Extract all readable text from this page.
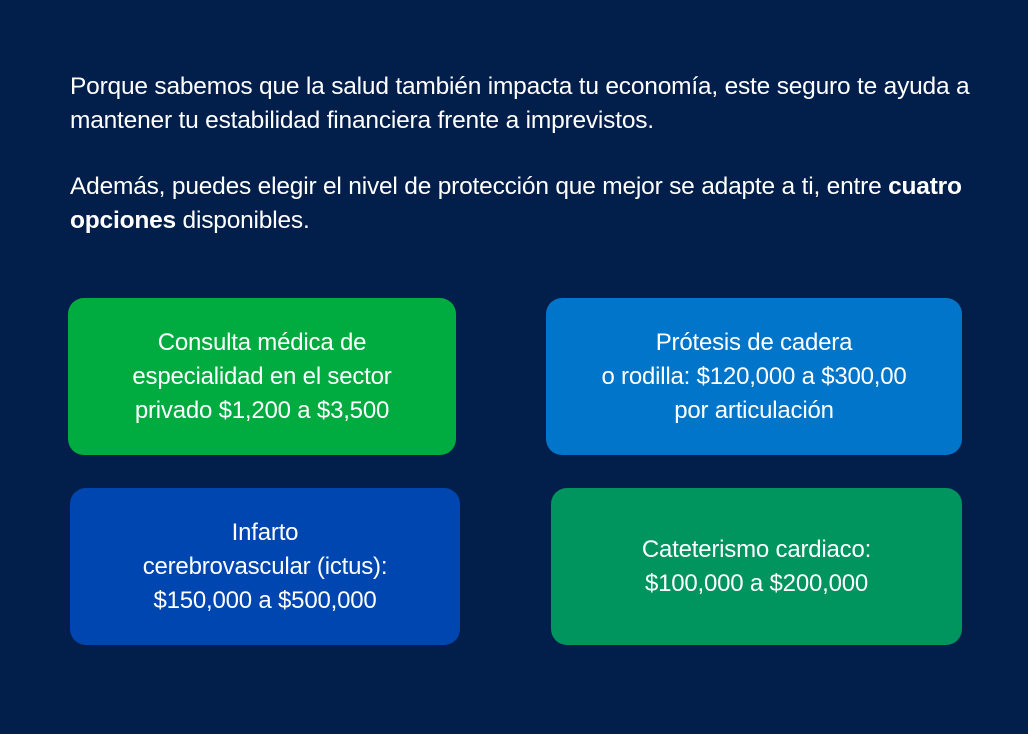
Porque sabemos que la salud también impacta tu economía, este seguro te ayuda a mantener tu estabilidad financiera frente a imprevistos.

Además, puedes elegir el nivel de protección que mejor se adapte a ti, entre cuatro opciones disponibles.

Consulta médica de
especialidad en el sector
privado $1,200 a $3,500
Prótesis de cadera
o rodilla: $120,000 a $300,00
por articulación
Infarto
cerebrovascular (ictus):
$150,000 a $500,000
Cateterismo cardiaco:
$100,000 a $200,000
